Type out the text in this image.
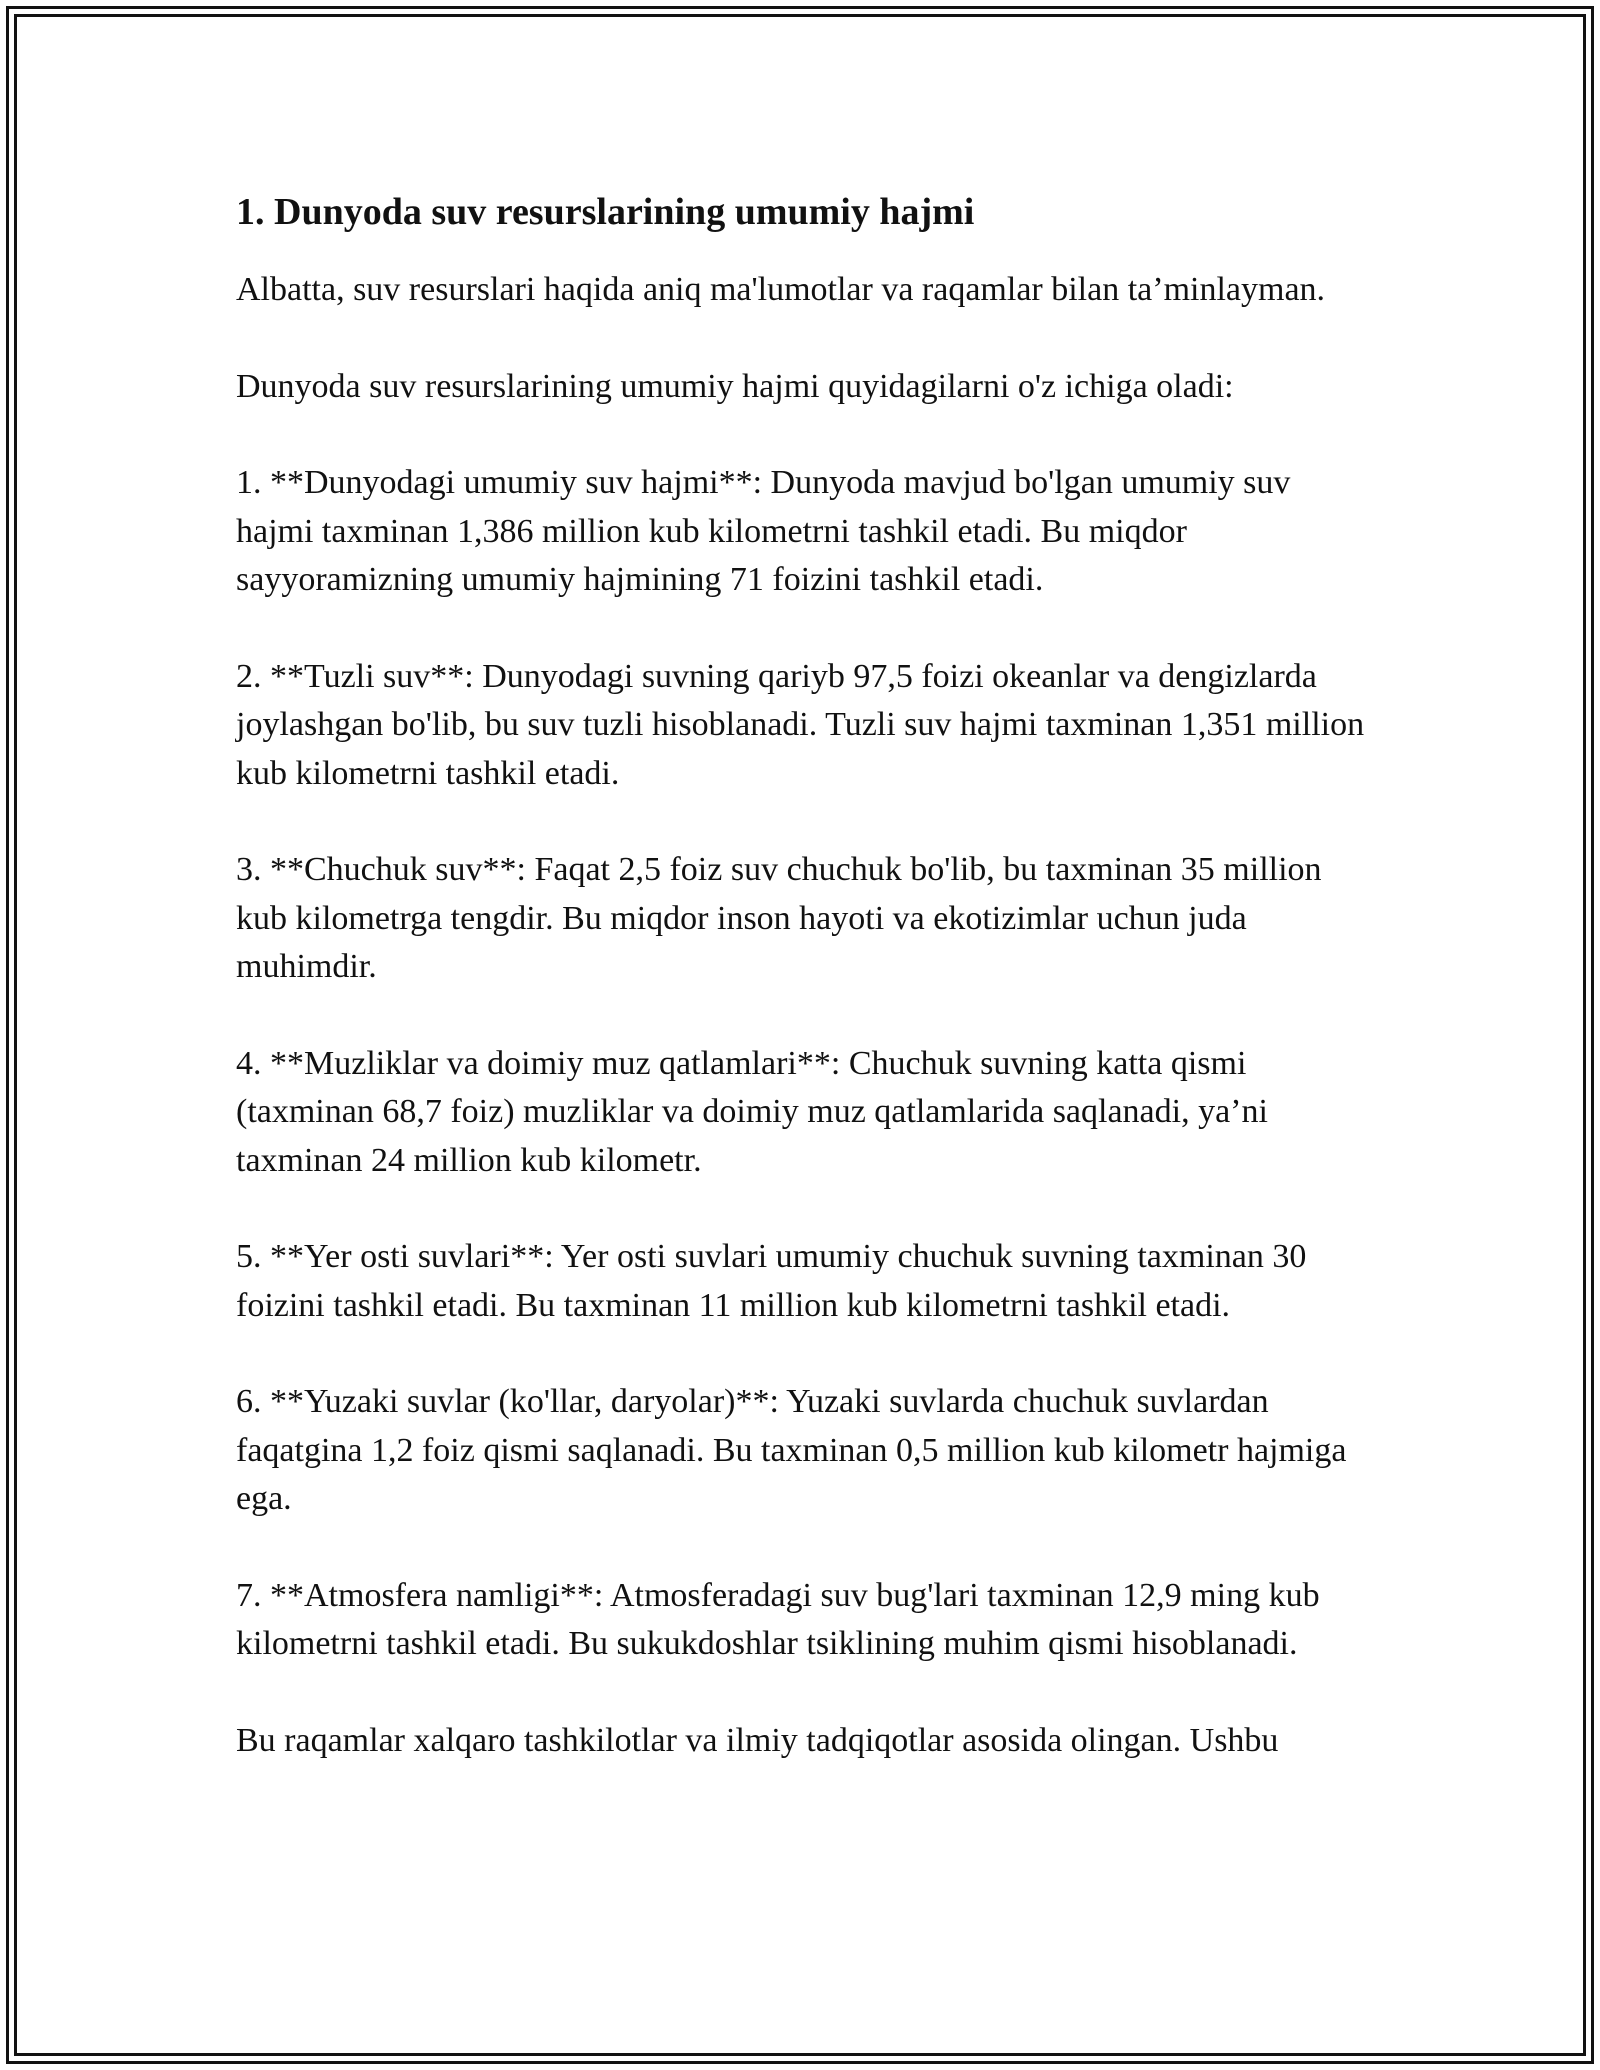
1. Dunyoda suv resurslarining umumiy hajmi

Albatta, suv resurslari haqida aniq ma'lumotlar va raqamlar bilan ta’minlayman.

Dunyoda suv resurslarining umumiy hajmi quyidagilarni o'z ichiga oladi:

1. **Dunyodagi umumiy suv hajmi**: Dunyoda mavjud bo'lgan umumiy suv hajmi taxminan 1,386 million kub kilometrni tashkil etadi. Bu miqdor sayyoramizning umumiy hajmining 71 foizini tashkil etadi.

2. **Tuzli suv**: Dunyodagi suvning qariyb 97,5 foizi okeanlar va dengizlarda joylashgan bo'lib, bu suv tuzli hisoblanadi. Tuzli suv hajmi taxminan 1,351 million kub kilometrni tashkil etadi.

3. **Chuchuk suv**: Faqat 2,5 foiz suv chuchuk bo'lib, bu taxminan 35 million kub kilometrga tengdir. Bu miqdor inson hayoti va ekotizimlar uchun juda muhimdir.

4. **Muzliklar va doimiy muz qatlamlari**: Chuchuk suvning katta qismi (taxminan 68,7 foiz) muzliklar va doimiy muz qatlamlarida saqlanadi, ya’ni taxminan 24 million kub kilometr.

5. **Yer osti suvlari**: Yer osti suvlari umumiy chuchuk suvning taxminan 30 foizini tashkil etadi. Bu taxminan 11 million kub kilometrni tashkil etadi.

6. **Yuzaki suvlar (ko'llar, daryolar)**: Yuzaki suvlarda chuchuk suvlardan faqatgina 1,2 foiz qismi saqlanadi. Bu taxminan 0,5 million kub kilometr hajmiga ega.

7. **Atmosfera namligi**: Atmosferadagi suv bug'lari taxminan 12,9 ming kub kilometrni tashkil etadi. Bu sukukdoshlar tsiklining muhim qismi hisoblanadi.

Bu raqamlar xalqaro tashkilotlar va ilmiy tadqiqotlar asosida olingan. Ushbu
